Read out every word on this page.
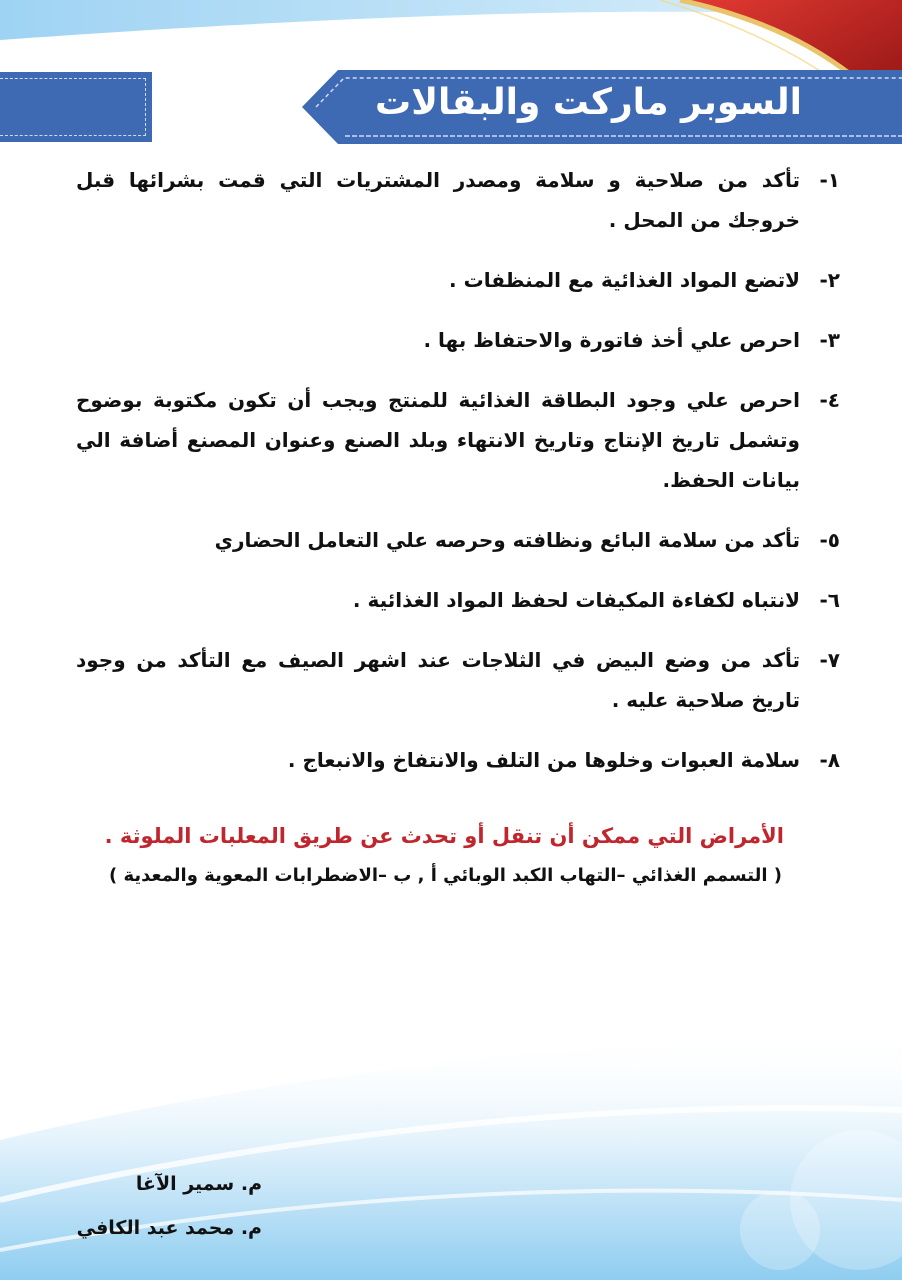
السوبر ماركت والبقالات
١-
تأكد من صلاحية و سلامة ومصدر المشتريات التي قمت بشرائها قبل خروجك من المحل .
٢-
لاتضع المواد الغذائية مع المنظفات .
٣-
احرص علي أخذ فاتورة والاحتفاظ بها .
٤-
احرص علي وجود البطاقة الغذائية للمنتج ويجب أن تكون مكتوبة بوضوح وتشمل تاريخ الإنتاج وتاريخ الانتهاء وبلد الصنع وعنوان المصنع أضافة الي بيانات الحفظ.
٥-
تأكد من سلامة البائع ونظافته وحرصه علي التعامل الحضاري
٦-
لانتباه لكفاءة المكيفات لحفظ المواد الغذائية .
٧-
تأكد من وضع البيض في الثلاجات عند اشهر الصيف مع التأكد من وجود تاريخ صلاحية عليه .
٨-
سلامة العبوات وخلوها من التلف والانتفاخ والانبعاج .
الأمراض التي ممكن أن تنقل أو تحدث عن طريق المعلبات الملوثة .
( التسمم الغذائي –التهاب الكبد الوبائي أ , ب –الاضطرابات المعوية والمعدية )
م. سمير الآغا
م. محمد عبد الكافي
